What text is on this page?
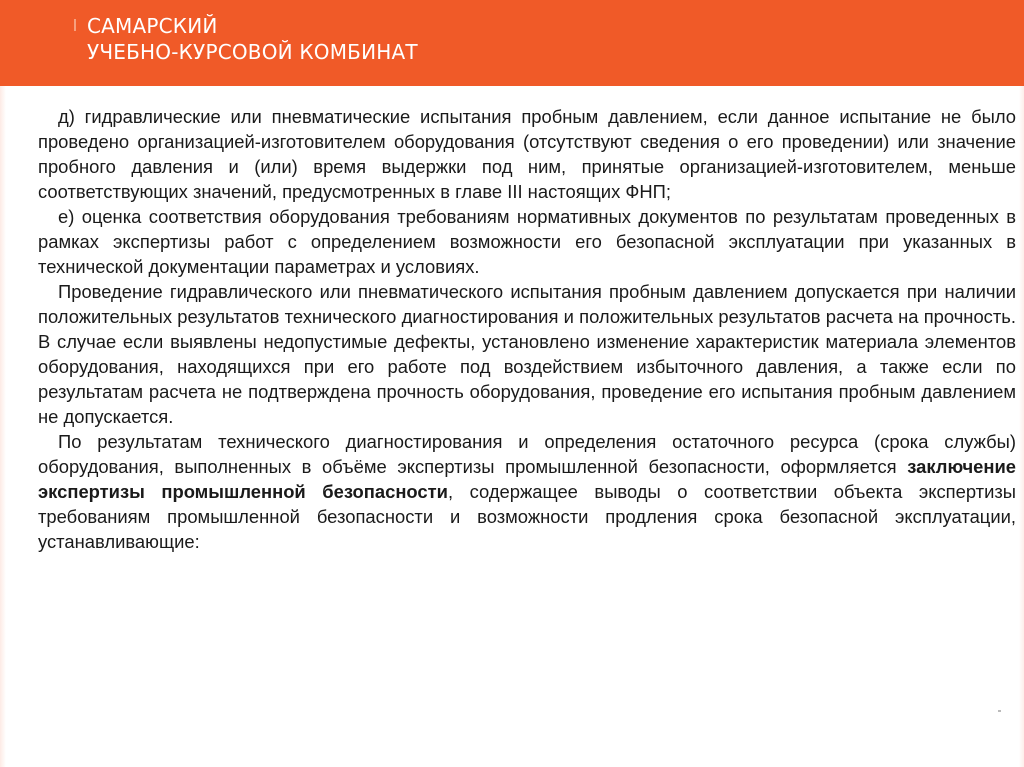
САМАРСКИЙ
УЧЕБНО-КУРСОВОЙ КОМБИНАТ

д) гидравлические или пневматические испытания пробным давлением, если данное испытание не было проведено организацией-изготовителем оборудования (отсутствуют сведения о его проведении) или значение пробного давления и (или) время выдержки под ним, принятые организацией-изготовителем, меньше соответствующих значений, предусмотренных в главе III настоящих ФНП;

е) оценка соответствия оборудования требованиям нормативных документов по результатам проведенных в рамках экспертизы работ с определением возможности его безопасной эксплуатации при указанных в технической документации параметрах и условиях.

Проведение гидравлического или пневматического испытания пробным давлением допускается при наличии положительных результатов технического диагностирования и положительных результатов расчета на прочность. В случае если выявлены недопустимые дефекты, установлено изменение характеристик материала элементов оборудования, находящихся при его работе под воздействием избыточного давления, а также если по результатам расчета не подтверждена прочность оборудования, проведение его испытания пробным давлением не допускается.

По результатам технического диагностирования и определения остаточного ресурса (срока службы) оборудования, выполненных в объёме экспертизы промышленной безопасности, оформляется заключение экспертизы промышленной безопасности, содержащее выводы о соответствии объекта экспертизы требованиям промышленной безопасности и возможности продления срока безопасной эксплуатации, устанавливающие:
